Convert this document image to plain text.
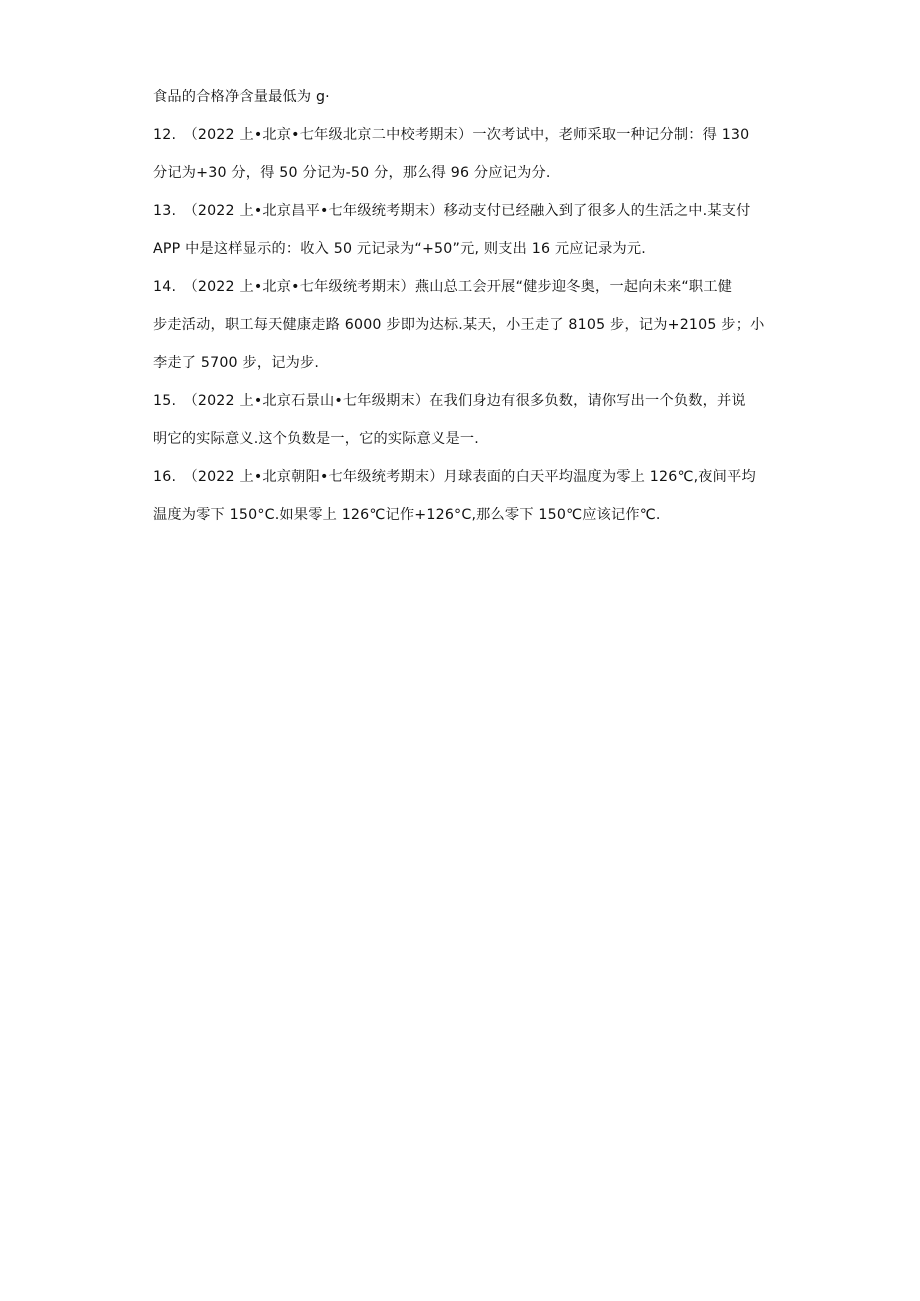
食品的合格净含量最低为 g·
12.　（2022 上•北京•七年级北京二中校考期末）一次考试中，老师采取一种记分制：得 130
分记为+30 分，得 50 分记为-50 分，那么得 96 分应记为分.
13.　（2022 上•北京昌平•七年级统考期末）移动支付已经融入到了很多人的生活之中.某支付
APP 中是这样显示的：收入 50 元记录为“+50”元, 则支出 16 元应记录为元.
14.　（2022 上•北京•七年级统考期末）燕山总工会开展“健步迎冬奥，一起向未来“职工健
步走活动，职工每天健康走路 6000 步即为达标.某天，小王走了 8105 步，记为+2105 步；小
李走了 5700 步，记为步.
15.　（2022 上•北京石景山•七年级期末）在我们身边有很多负数，请你写出一个负数，并说
明它的实际意义.这个负数是一，它的实际意义是一.
16.　（2022 上•北京朝阳•七年级统考期末）月球表面的白天平均温度为零上 126℃,夜间平均
温度为零下 150°C.如果零上 126℃记作+126°C,那么零下 150℃应该记作℃.
